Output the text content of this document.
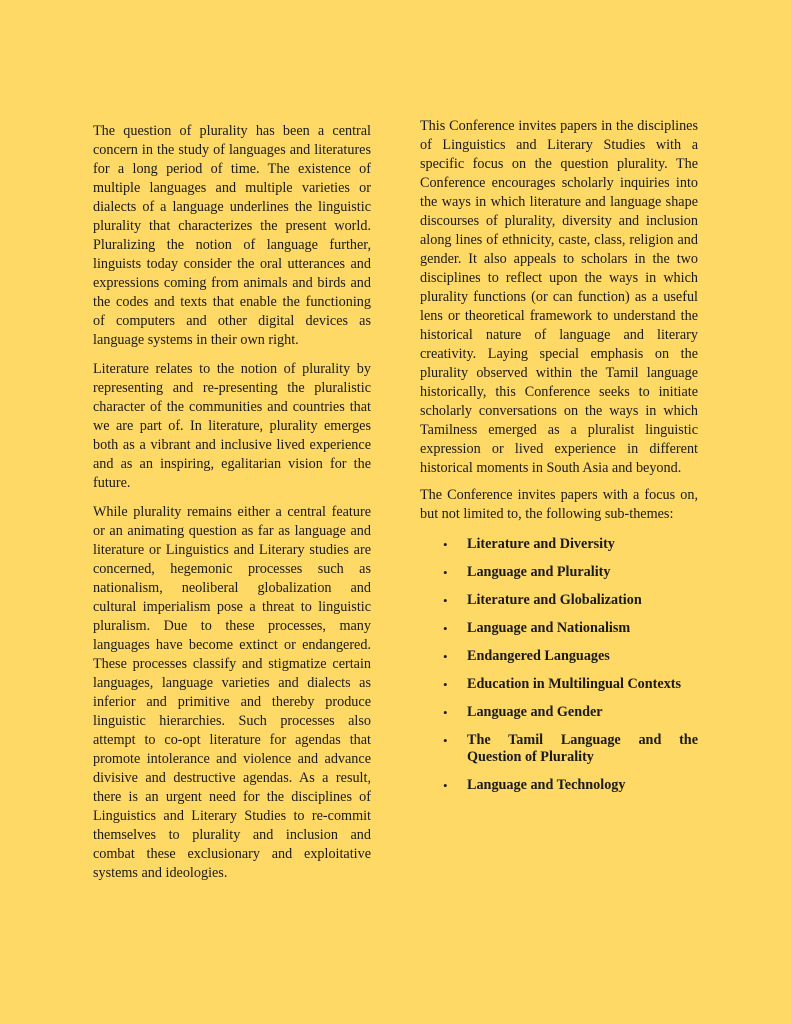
The question of plurality has been a central concern in the study of languages and literatures for a long period of time. The existence of multiple languages and multiple varieties or dialects of a language underlines the linguistic plurality that characterizes the present world. Pluralizing the notion of language further, linguists today consider the oral utterances and expressions coming from animals and birds and the codes and texts that enable the functioning of computers and other digital devices as language systems in their own right.

Literature relates to the notion of plurality by representing and re-presenting the pluralistic character of the communities and countries that we are part of. In literature, plurality emerges both as a vibrant and inclusive lived experience and as an inspiring, egalitarian vision for the future.

While plurality remains either a central feature or an animating question as far as language and literature or Linguistics and Literary studies are concerned, hegemonic processes such as nationalism, neoliberal globalization and cultural imperialism pose a threat to linguistic pluralism. Due to these processes, many languages have become extinct or endangered. These processes classify and stigmatize certain languages, language varieties and dialects as inferior and primitive and thereby produce linguistic hierarchies. Such processes also attempt to co-opt literature for agendas that promote intolerance and violence and advance divisive and destructive agendas. As a result, there is an urgent need for the disciplines of Linguistics and Literary Studies to re-commit themselves to plurality and inclusion and combat these exclusionary and exploitative systems and ideologies.

This Conference invites papers in the disciplines of Linguistics and Literary Studies with a specific focus on the question plurality. The Conference encourages scholarly inquiries into the ways in which literature and language shape discourses of plurality, diversity and inclusion along lines of ethnicity, caste, class, religion and gender. It also appeals to scholars in the two disciplines to reflect upon the ways in which plurality functions (or can function) as a useful lens or theoretical framework to understand the historical nature of language and literary creativity. Laying special emphasis on the plurality observed within the Tamil language historically, this Conference seeks to initiate scholarly conversations on the ways in which Tamilness emerged as a pluralist linguistic expression or lived experience in different historical moments in South Asia and beyond.

The Conference invites papers with a focus on, but not limited to, the following sub-themes:

• Literature and Diversity
• Language and Plurality
• Literature and Globalization
• Language and Nationalism
• Endangered Languages
• Education in Multilingual Contexts
• Language and Gender
• The Tamil Language and the Question of Plurality
• Language and Technology
